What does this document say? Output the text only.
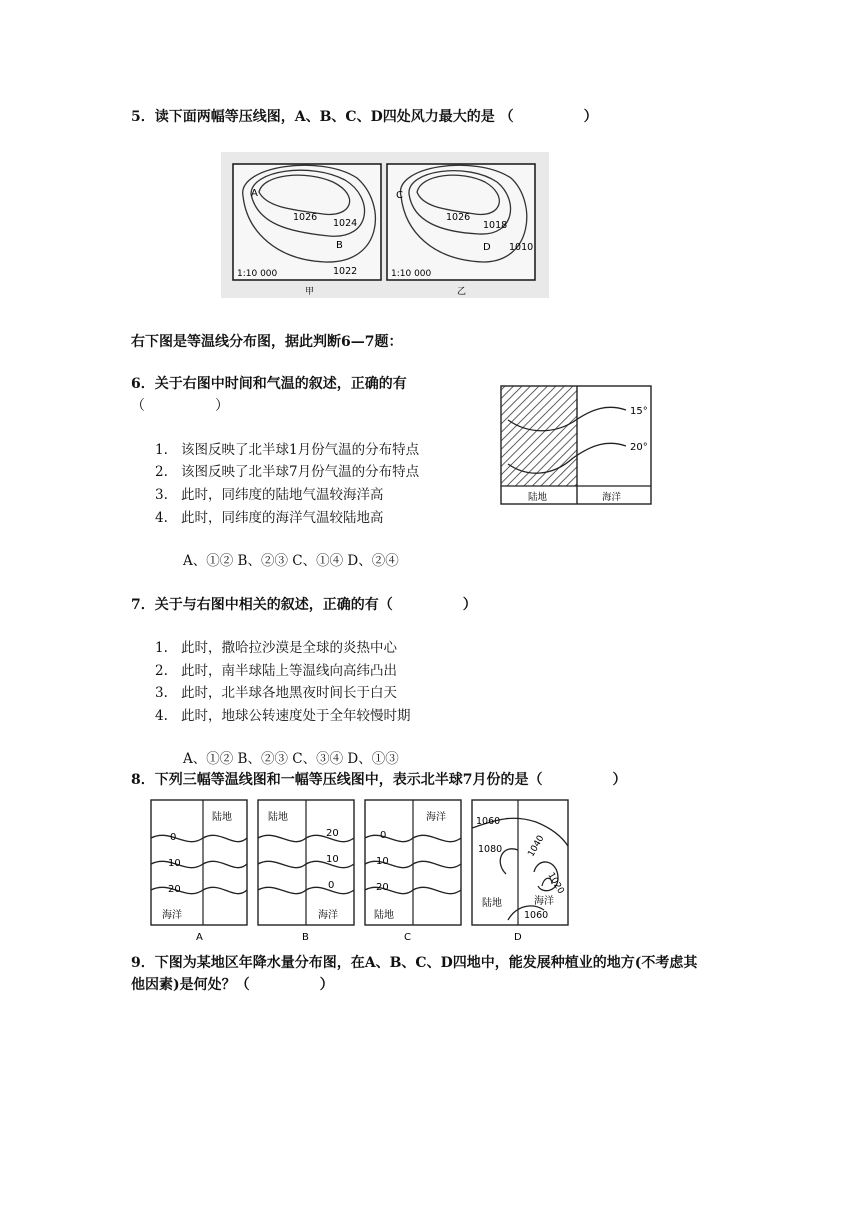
5．读下面两幅等压线图，A、B、C、D四处风力最大的是 （　　　　　）
A
B
1026
1024
1022
1:10 000
甲
C
D
1026
1018
1010
1:10 000
乙
右下图是等温线分布图，据此判断6—7题：
6．关于右图中时间和气温的叙述，正确的有
（　　　　　）
1. 该图反映了北半球1月份气温的分布特点
2. 该图反映了北半球7月份气温的分布特点
3. 此时，同纬度的陆地气温较海洋高
4. 此时，同纬度的海洋气温较陆地高
A、①② B、②③ C、①④ D、②④
15°
20°
陆地	海洋
7．关于与右图中相关的叙述，正确的有（　　　　　）
1. 此时，撒哈拉沙漠是全球的炎热中心
2. 此时，南半球陆上等温线向高纬凸出
3. 此时，北半球各地黑夜时间长于白天
4. 此时，地球公转速度处于全年较慢时期
A、①② B、②③ C、③④ D、①③
8．下列三幅等温线图和一幅等压线图中，表示北半球7月份的是（　　　　　）
陆地
0
10
20
海洋
A
陆地
20
10
0
海洋
B
海洋
0
10
20
陆地
C
1060
1080	1040
1020
陆地	海洋
1060
D
9．下图为某地区年降水量分布图，在A、B、C、D四地中，能发展种植业的地方(不考虑其
他因素)是何处？（　　　　　）
